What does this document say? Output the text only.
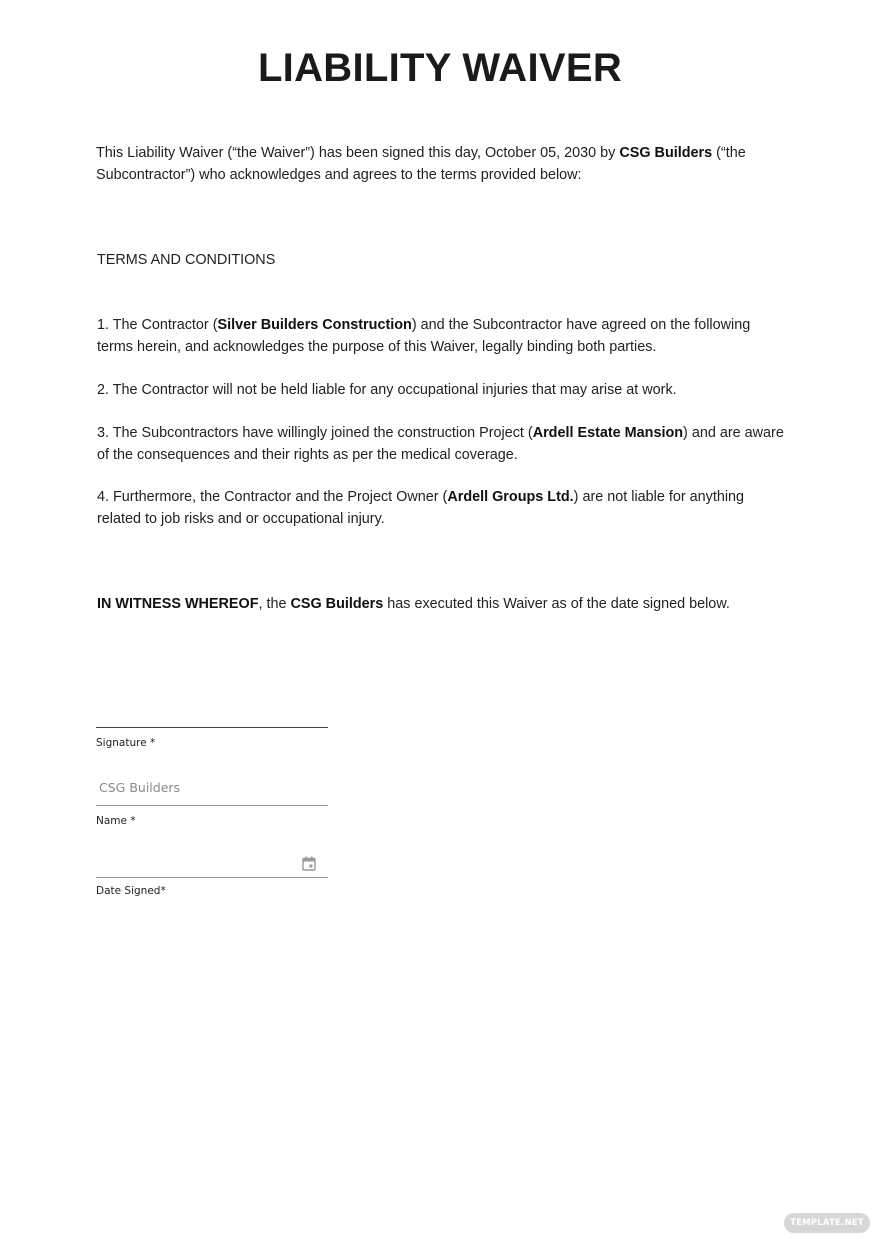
LIABILITY WAIVER

This Liability Waiver (“the Waiver”) has been signed this day, October 05, 2030 by CSG Builders (“the Subcontractor”) who acknowledges and agrees to the terms provided below:

TERMS AND CONDITIONS

1. The Contractor (Silver Builders Construction) and the Subcontractor have agreed on the following terms herein, and acknowledges the purpose of this Waiver, legally binding both parties.

2. The Contractor will not be held liable for any occupational injuries that may arise at work.

3. The Subcontractors have willingly joined the construction Project (Ardell Estate Mansion) and are aware of the consequences and their rights as per the medical coverage.

4. Furthermore, the Contractor and the Project Owner (Ardell Groups Ltd.) are not liable for anything related to job risks and or occupational injury.

IN WITNESS WHEREOF, the CSG Builders has executed this Waiver as of the date signed below.

Signature *

CSG Builders

Name *

Date Signed*

TEMPLATE.NET
